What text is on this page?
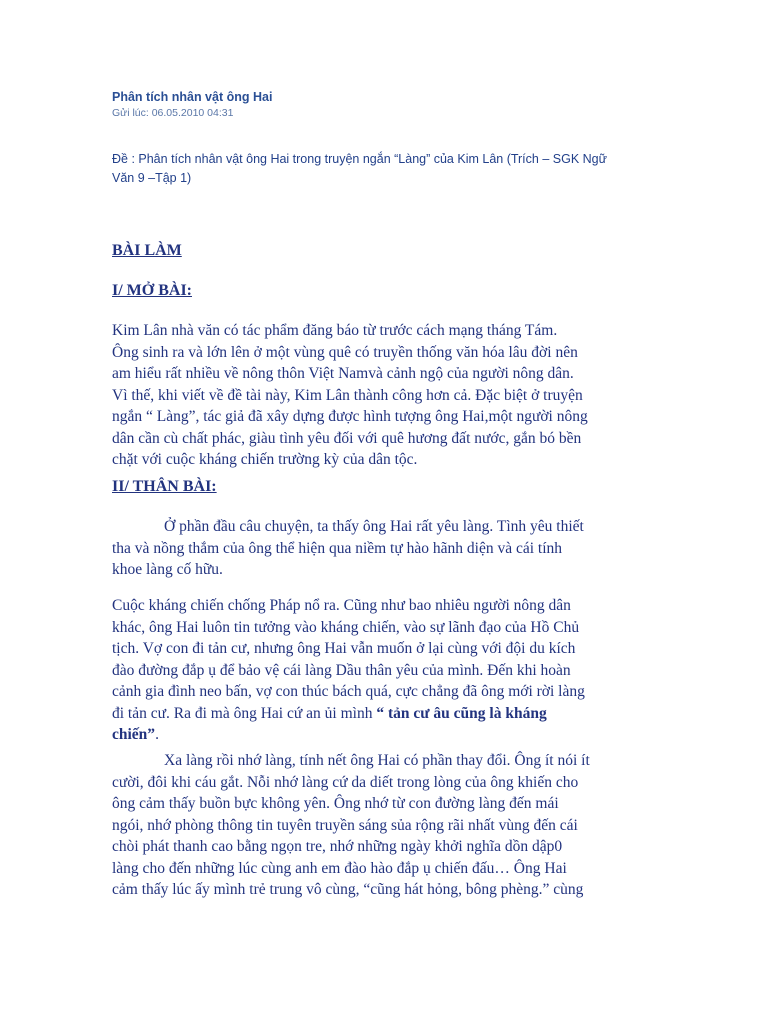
Phân tích nhân vật ông Hai
Gửi lúc: 06.05.2010 04:31
Đề : Phân tích nhân vật ông Hai trong truyện ngắn “Làng” của Kim Lân (Trích – SGK Ngữ
Văn 9 –Tập 1)
BÀI LÀM
I/ MỞ BÀI:
Kim Lân nhà văn có tác phẩm đăng báo từ trước cách mạng tháng Tám.
Ông sinh ra và lớn lên ở một vùng quê có truyền thống văn hóa lâu đời nên
am hiểu rất nhiều về nông thôn Việt Namvà cảnh ngộ của người nông dân.
Vì thế, khi viết về đề tài này, Kim Lân thành công hơn cả. Đặc biệt ở truyện
ngắn “ Làng”, tác giả đã xây dựng được hình tượng ông Hai,một người nông
dân cần cù chất phác, giàu tình yêu đối với quê hương đất nước, gắn bó bền
chặt với cuộc kháng chiến trường kỳ của dân tộc.
II/ THÂN BÀI:
Ở phần đầu câu chuyện, ta thấy ông Hai rất yêu làng. Tình yêu thiết
tha và nồng thắm của ông thể hiện qua niềm tự hào hãnh diện và cái tính
khoe làng cố hữu.
Cuộc kháng chiến chống Pháp nổ ra. Cũng như bao nhiêu người nông dân
khác, ông Hai luôn tin tưởng vào kháng chiến, vào sự lãnh đạo của Hồ Chủ
tịch. Vợ con đi tản cư, nhưng ông Hai vẫn muốn ở lại cùng với đội du kích
đào đường đắp ụ để bảo vệ cái làng Dầu thân yêu của mình. Đến khi hoàn
cảnh gia đình neo bấn, vợ con thúc bách quá, cực chẳng đã ông mới rời làng
đi tản cư. Ra đi mà ông Hai cứ an ủi mình “ tản cư âu cũng là kháng
chiến”.
Xa làng rồi nhớ làng, tính nết ông Hai có phần thay đổi. Ông ít nói ít
cười, đôi khi cáu gắt. Nỗi nhớ làng cứ da diết trong lòng của ông khiến cho
ông cảm thấy buồn bực không yên. Ông nhớ từ con đường làng đến mái
ngói, nhớ phòng thông tin tuyên truyền sáng sủa rộng rãi nhất vùng đến cái
chòi phát thanh cao bằng ngọn tre, nhớ những ngày khởi nghĩa dồn dập0
làng cho đến những lúc cùng anh em đào hào đắp ụ chiến đấu… Ông Hai
cảm thấy lúc ấy mình trẻ trung vô cùng, “cũng hát hỏng, bông phèng.” cùng
